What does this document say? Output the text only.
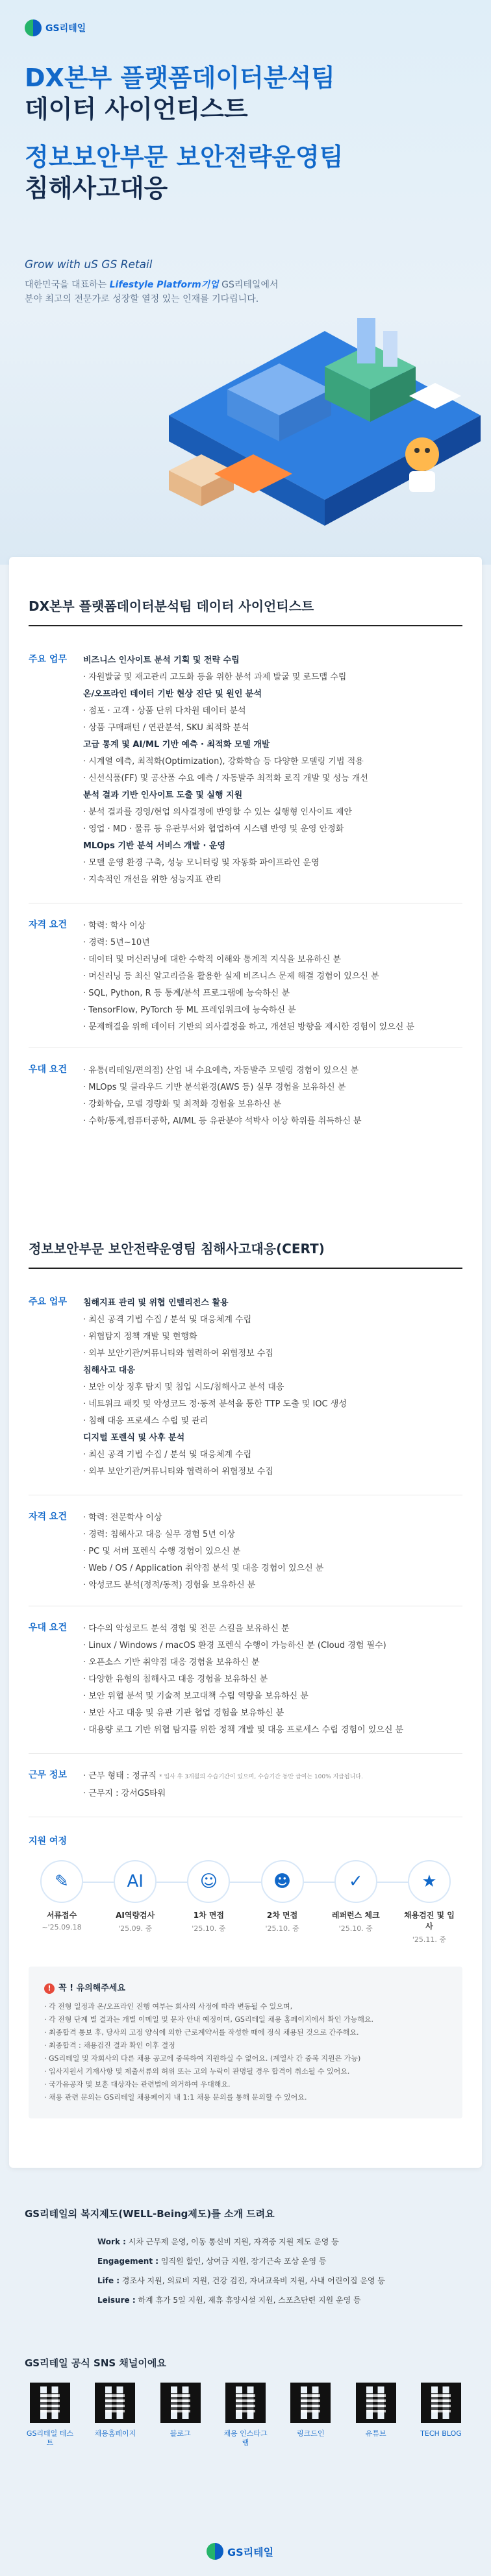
GS리테일
DX본부 플랫폼데이터분석팀
데이터 사이언티스트
정보보안부문 보안전략운영팀
침해사고대응
Grow with uS GS Retail
대한민국을 대표하는 Lifestyle Platform기업 GS리테일에서
분야 최고의 전문가로 성장할 열정 있는 인재를 기다립니다.
DX본부 플랫폼데이터분석팀 데이터 사이언티스트
주요 업무	비즈니스 인사이트 분석 기획 및 전략 수립
· 자원발굴 및 재고관리 고도화 등을 위한 분석 과제 발굴 및 로드맵 수립
온/오프라인 데이터 기반 현상 진단 및 원인 분석
· 점포 · 고객 · 상품 단위 다차원 데이터 분석
· 상품 구매패턴 / 연관분석, SKU 최적화 분석
고급 통계 및 AI/ML 기반 예측 · 최적화 모델 개발
· 시계열 예측, 최적화(Optimization), 강화학습 등 다양한 모델링 기법 적용
· 신선식품(FF) 및 공산품 수요 예측 / 자동발주 최적화 로직 개발 및 성능 개선
분석 결과 기반 인사이트 도출 및 실행 지원
· 분석 결과를 경영/현업 의사결정에 반영할 수 있는 실행형 인사이트 제안
· 영업 · MD · 물류 등 유관부서와 협업하여 시스템 반영 및 운영 안정화
MLOps 기반 분석 서비스 개발 · 운영
· 모델 운영 환경 구축, 성능 모니터링 및 자동화 파이프라인 운영
· 지속적인 개선을 위한 성능지표 관리
자격 요건	· 학력: 학사 이상
· 경력: 5년~10년
· 데이터 및 머신러닝에 대한 수학적 이해와 통계적 지식을 보유하신 분
· 머신러닝 등 최신 알고리즘을 활용한 실제 비즈니스 문제 해결 경험이 있으신 분
· SQL, Python, R 등 통계/분석 프로그램에 능숙하신 분
· TensorFlow, PyTorch 등 ML 프레임워크에 능숙하신 분
· 문제해결을 위해 데이터 기반의 의사결정을 하고, 개선된 방향을 제시한 경험이 있으신 분
우대 요건	· 유통(리테일/편의점) 산업 내 수요예측, 자동발주 모델링 경험이 있으신 분
· MLOps 및 클라우드 기반 분석환경(AWS 등) 실무 경험을 보유하신 분
· 강화학습, 모델 경량화 및 최적화 경험을 보유하신 분
· 수학/통계,컴퓨터공학, AI/ML 등 유관분야 석박사 이상 학위를 취득하신 분
정보보안부문 보안전략운영팀 침해사고대응(CERT)
주요 업무	침해지표 관리 및 위협 인텔리전스 활용
· 최신 공격 기법 수집 / 분석 및 대응체계 수립
· 위협탐지 정책 개발 및 현행화
· 외부 보안기관/커뮤니티와 협력하여 위협정보 수집
침해사고 대응
· 보안 이상 징후 탐지 및 침입 시도/침해사고 분석 대응
· 네트워크 패킷 및 악성코드 정·동적 분석을 통한 TTP 도출 및 IOC 생성
· 침해 대응 프로세스 수립 및 관리
디지털 포렌식 및 사후 분석
· 최신 공격 기법 수집 / 분석 및 대응체계 수립
· 외부 보안기관/커뮤니티와 협력하여 위협정보 수집
자격 요건	· 학력: 전문학사 이상
· 경력: 침해사고 대응 실무 경험 5년 이상
· PC 및 서버 포렌식 수행 경험이 있으신 분
· Web / OS / Application 취약점 분석 및 대응 경험이 있으신 분
· 악성코드 분석(정적/동적) 경험을 보유하신 분
우대 요건	· 다수의 악성코드 분석 경험 및 전문 스킬을 보유하신 분
· Linux / Windows / macOS 환경 포렌식 수행이 가능하신 분 (Cloud 경험 필수)
· 오픈소스 기반 취약점 대응 경험을 보유하신 분
· 다양한 유형의 침해사고 대응 경험을 보유하신 분
· 보안 위협 분석 및 기술적 보고대책 수립 역량을 보유하신 분
· 보안 사고 대응 및 유관 기관 협업 경험을 보유하신 분
· 대용량 로그 기반 위협 탐지를 위한 정책 개발 및 대응 프로세스 수립 경험이 있으신 분
근무 정보	· 근무 형태 : 정규직 * 입사 후 3개월의 수습기간이 있으며, 수습기간 동안 급여는 100% 지급됩니다.
· 근무지 : 강서GS타워
지원 여정
✎
서류접수
~'25.09.18
AI
AI역량검사
'25.09. 중
☺
1차 면접
'25.10. 중
☻
2차 면접
'25.10. 중
✓
레퍼런스 체크
'25.10. 중
★
채용검진 및 입사
'25.11. 중
! 꼭 ! 유의해주세요
· 각 전형 일정과 온/오프라인 진행 여부는 회사의 사정에 따라 변동될 수 있으며,
· 각 전형 단계 별 결과는 개별 이메일 및 문자 안내 예정이며, GS리테일 채용 홈페이지에서 확인 가능해요.
· 최종합격 통보 후, 당사의 고정 양식에 의한 근로계약서를 작성한 때에 정식 채용된 것으로 간주해요.
· 최종합격 : 채용검진 결과 확인 이후 결정
· GS리테일 및 자회사의 다른 채용 공고에 중복하여 지원하실 수 없어요. (계열사 간 중복 지원은 가능)
· 입사지원서 기재사항 및 제출서류의 허위 또는 고의 누락이 판명될 경우 합격이 취소될 수 있어요.
· 국가유공자 및 보훈 대상자는 관련법에 의거하여 우대해요.
· 채용 관련 문의는 GS리테일 채용페이지 내 1:1 채용 문의를 통해 문의할 수 있어요.
GS리테일의 복지제도(WELL-Being제도)를 소개 드려요
Work : 시차 근무제 운영, 이동 통신비 지원, 자격증 지원 제도 운영 등
Engagement : 임직원 할인, 상여금 지원, 장기근속 포상 운영 등
Life : 경조사 지원, 의료비 지원, 건강 검진, 자녀교육비 지원, 사내 어린이집 운영 등
Leisure : 하계 휴가 5일 지원, 제휴 휴양시설 지원, 스포츠단련 지원 운영 등
GS리테일 공식 SNS 채널이에요
GS리테일 테스트
채용홈페이지	블로그	채용 인스타그램
링크드인	유튜브	TECH BLOG
GS리테일
